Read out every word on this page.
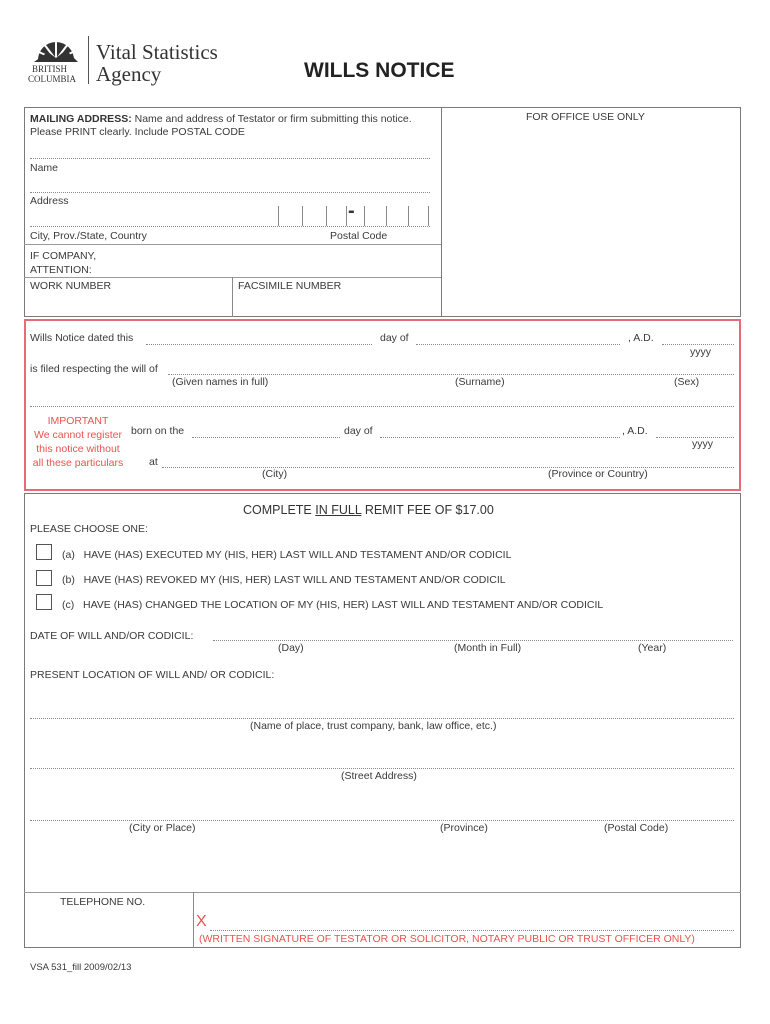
BRITISH
COLUMBIA
Vital Statistics
Agency	WILLS NOTICE
MAILING ADDRESS: Name and address of Testator or firm submitting this notice.
Please PRINT clearly. Include POSTAL CODE
Name
Address	-
City, Prov./State, Country	Postal Code
IF COMPANY,
ATTENTION:
WORK NUMBER	FACSIMILE NUMBER
FOR OFFICE USE ONLY
Wills Notice dated this	day of	, A.D.
yyyy
is filed respecting the will of
(Given names in full)	(Surname)	(Sex)
IMPORTANT
We cannot register
this notice without
all these particulars
born on the	day of	, A.D.
yyyy
at
(City)	(Province or Country)
COMPLETE IN FULL REMIT FEE OF $17.00
PLEASE CHOOSE ONE:
(a)   HAVE (HAS) EXECUTED MY (HIS, HER) LAST WILL AND TESTAMENT AND/OR CODICIL
(b)   HAVE (HAS) REVOKED MY (HIS, HER) LAST WILL AND TESTAMENT AND/OR CODICIL
(c)   HAVE (HAS) CHANGED THE LOCATION OF MY (HIS, HER) LAST WILL AND TESTAMENT AND/OR CODICIL
DATE OF WILL AND/OR CODICIL:
(Day)	(Month in Full)	(Year)
PRESENT LOCATION OF WILL AND/ OR CODICIL:
(Name of place, trust company, bank, law office, etc.)
(Street Address)
(City or Place)	(Province)	(Postal Code)
TELEPHONE NO.
X
(WRITTEN SIGNATURE OF TESTATOR OR SOLICITOR, NOTARY PUBLIC OR TRUST OFFICER ONLY)
VSA 531_fill 2009/02/13
